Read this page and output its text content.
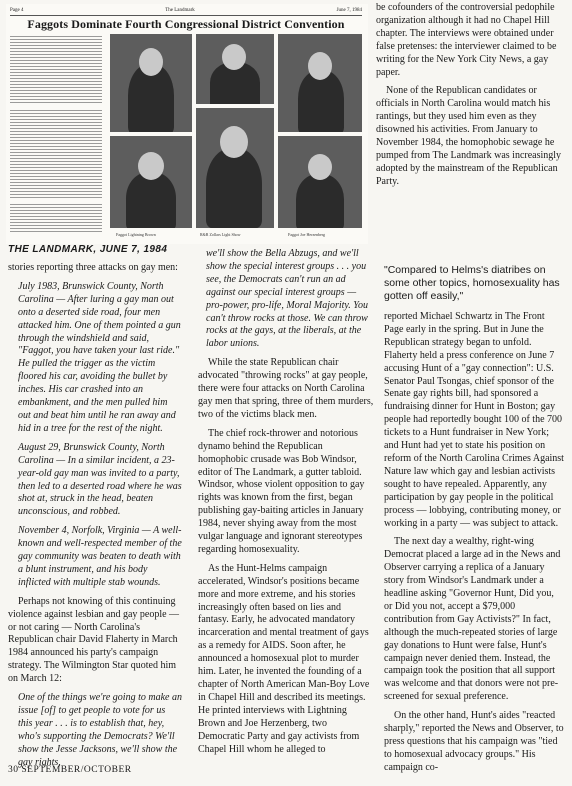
Page 4	The Landmark	June 7, 1984
Faggots Dominate Fourth Congressional District Convention
Faggot Lightning Brown	R&R Zollars Light Show	Faggot Joe Herzenberg
THE LANDMARK, JUNE 7, 1984

stories reporting three attacks on gay men:

July 1983, Brunswick County, North Carolina — After luring a gay man out onto a deserted side road, four men attacked him. One of them pointed a gun through the windshield and said, "Faggot, you have taken your last ride." He pulled the trigger as the victim floored his car, avoiding the bullet by inches. His car crashed into an embankment, and the men pulled him out and beat him until he ran away and hid in a tree for the rest of the night.

August 29, Brunswick County, North Carolina — In a similar incident, a 23-year-old gay man was invited to a party, then led to a deserted road where he was shot at, struck in the head, beaten unconscious, and robbed.

November 4, Norfolk, Virginia — A well-known and well-respected member of the gay community was beaten to death with a blunt instrument, and his body inflicted with multiple stab wounds.

Perhaps not knowing of this continuing violence against lesbian and gay people — or not caring — North Carolina's Republican chair David Flaherty in March 1984 announced his party's campaign strategy. The Wilmington Star quoted him on March 12:

One of the things we're going to make an issue [of] to get people to vote for us this year . . . is to establish that, hey, who's supporting the Democrats? We'll show the Jesse Jacksons, we'll show the gay rights,

we'll show the Bella Abzugs, and we'll show the special interest groups . . . you see, the Democrats can't run an ad against our special interest groups — pro-power, pro-life, Moral Majority. You can't throw rocks at those. We can throw rocks at the gays, at the liberals, at the labor unions.

While the state Republican chair advocated "throwing rocks" at gay people, there were four attacks on North Carolina gay men that spring, three of them murders, two of the victims black men.

The chief rock-thrower and notorious dynamo behind the Republican homophobic crusade was Bob Windsor, editor of The Landmark, a gutter tabloid. Windsor, whose violent opposition to gay rights was known from the first, began publishing gay-baiting articles in January 1984, never shying away from the most vulgar language and ignorant stereotypes regarding homosexuality.

As the Hunt-Helms campaign accelerated, Windsor's positions became more and more extreme, and his stories increasingly often based on lies and fantasy. Early, he advocated mandatory incarceration and mental treatment of gays as a remedy for AIDS. Soon after, he announced a homosexual plot to murder him. Later, he invented the founding of a chapter of North American Man-Boy Love in Chapel Hill and described its meetings. He printed interviews with Lightning Brown and Joe Herzenberg, two Democratic Party and gay activists from Chapel Hill whom he alleged to

be cofounders of the controversial pedophile organization although it had no Chapel Hill chapter. The interviews were obtained under false pretenses: the interviewer claimed to be writing for the New York City News, a gay paper.

None of the Republican candidates or officials in North Carolina would match his rantings, but they used him even as they disowned his activities. From January to November 1984, the homophobic sewage he pumped from The Landmark was increasingly adopted by the mainstream of the Republican Party.

"Compared to Helms's diatribes on some other topics, homosexuality has gotten off easily,"

reported Michael Schwartz in The Front Page early in the spring. But in June the Republican strategy began to unfold. Flaherty held a press conference on June 7 accusing Hunt of a "gay connection": U.S. Senator Paul Tsongas, chief sponsor of the Senate gay rights bill, had sponsored a fundraising dinner for Hunt in Boston; gay people had reportedly bought 100 of the 700 tickets to a Hunt fundraiser in New York; and Hunt had yet to state his position on reform of the North Carolina Crimes Against Nature law which gay and lesbian activists sought to have repealed. Apparently, any participation by gay people in the political process — lobbying, contributing money, or working in a party — was subject to attack.

The next day a wealthy, right-wing Democrat placed a large ad in the News and Observer carrying a replica of a January story from Windsor's Landmark under a headline asking "Governor Hunt, Did you, or Did you not, accept a $79,000 contribution from Gay Activists?" In fact, although the much-repeated stories of large gay donations to Hunt were false, Hunt's campaign never denied them. Instead, the campaign took the position that all support was welcome and that donors were not pre-screened for sexual preference.

On the other hand, Hunt's aides "reacted sharply," reported the News and Observer, to press questions that his campaign was "tied to homosexual advocacy groups." His campaign co-

30 SEPTEMBER/OCTOBER
